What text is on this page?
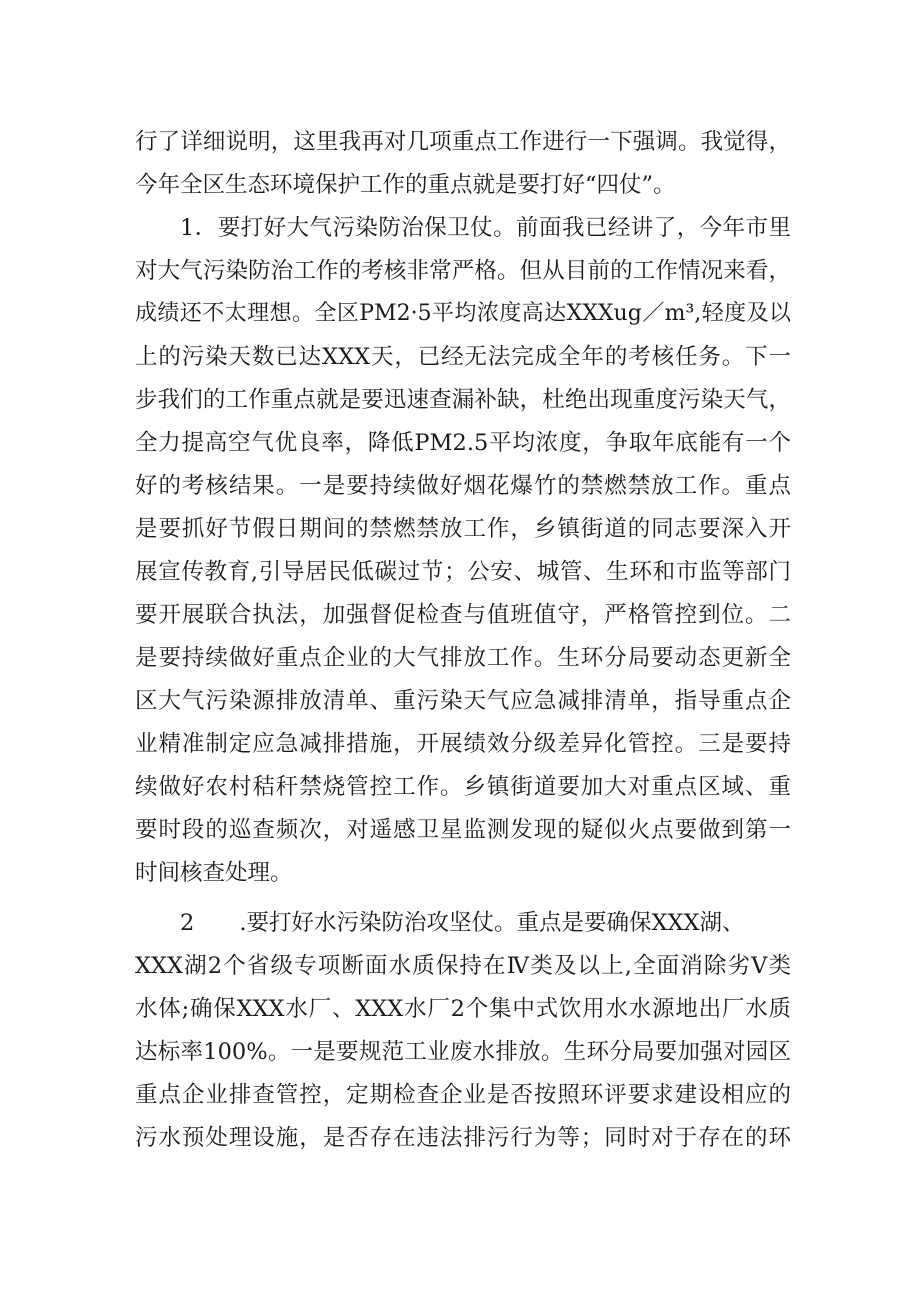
行了详细说明，这里我再对几项重点工作进行一下强调。我觉得，
今年全区生态环境保护工作的重点就是要打好“四仗”。
1．要打好大气污染防治保卫仗。前面我已经讲了，今年市里
对大气污染防治工作的考核非常严格。但从目前的工作情况来看，
成绩还不太理想。全区PM2·5平均浓度高达XXXug／m³,轻度及以
上的污染天数已达XXX天，已经无法完成全年的考核任务。下一
步我们的工作重点就是要迅速查漏补缺，杜绝出现重度污染天气，
全力提高空气优良率，降低PM2.5平均浓度，争取年底能有一个
好的考核结果。一是要持续做好烟花爆竹的禁燃禁放工作。重点
是要抓好节假日期间的禁燃禁放工作，乡镇街道的同志要深入开
展宣传教育,引导居民低碳过节；公安、城管、生环和市监等部门
要开展联合执法，加强督促检查与值班值守，严格管控到位。二
是要持续做好重点企业的大气排放工作。生环分局要动态更新全
区大气污染源排放清单、重污染天气应急减排清单，指导重点企
业精准制定应急减排措施，开展绩效分级差异化管控。三是要持
续做好农村秸秆禁烧管控工作。乡镇街道要加大对重点区域、重
要时段的巡查频次，对遥感卫星监测发现的疑似火点要做到第一
时间核查处理。
2　　.要打好水污染防治攻坚仗。重点是要确保XXX湖、
XXX湖2个省级专项断面水质保持在Ⅳ类及以上,全面消除劣Ⅴ类
水体;确保XXX水厂、XXX水厂2个集中式饮用水水源地出厂水质
达标率100%。一是要规范工业废水排放。生环分局要加强对园区
重点企业排查管控，定期检查企业是否按照环评要求建设相应的
污水预处理设施，是否存在违法排污行为等；同时对于存在的环
